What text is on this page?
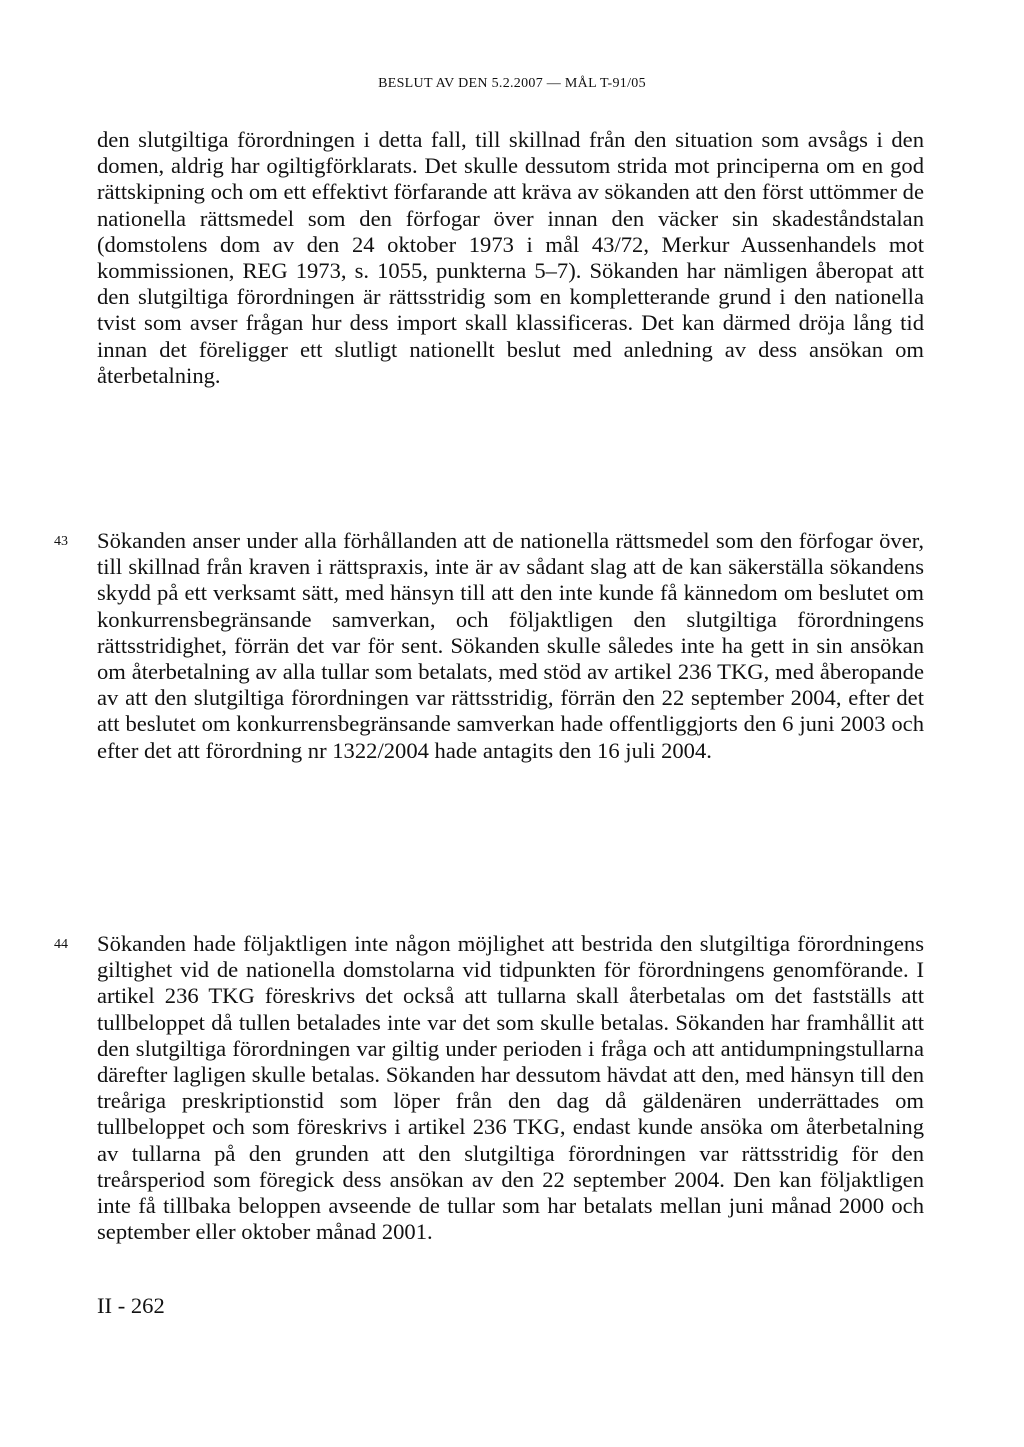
BESLUT AV DEN 5.2.2007 — MÅL T-91/05

den slutgiltiga förordningen i detta fall, till skillnad från den situation som avsågs i den domen, aldrig har ogiltigförklarats. Det skulle dessutom strida mot principerna om en god rättskipning och om ett effektivt förfarande att kräva av sökanden att den först uttömmer de nationella rättsmedel som den förfogar över innan den väcker sin skadeståndstalan (domstolens dom av den 24 oktober 1973 i mål 43/72, Merkur Aussenhandels mot kommissionen, REG 1973, s. 1055, punkterna 5–7). Sökanden har nämligen åberopat att den slutgiltiga förordningen är rättsstridig som en kompletterande grund i den nationella tvist som avser frågan hur dess import skall klassificeras. Det kan därmed dröja lång tid innan det föreligger ett slutligt nationellt beslut med anledning av dess ansökan om återbetalning.

43 Sökanden anser under alla förhållanden att de nationella rättsmedel som den förfogar över, till skillnad från kraven i rättspraxis, inte är av sådant slag att de kan säkerställa sökandens skydd på ett verksamt sätt, med hänsyn till att den inte kunde få kännedom om beslutet om konkurrensbegränsande samverkan, och följaktligen den slutgiltiga förordningens rättsstridighet, förrän det var för sent. Sökanden skulle således inte ha gett in sin ansökan om återbetalning av alla tullar som betalats, med stöd av artikel 236 TKG, med åberopande av att den slutgiltiga förordningen var rättsstridig, förrän den 22 september 2004, efter det att beslutet om konkurrensbegränsande samverkan hade offentliggjorts den 6 juni 2003 och efter det att förordning nr 1322/2004 hade antagits den 16 juli 2004.

44 Sökanden hade följaktligen inte någon möjlighet att bestrida den slutgiltiga förordningens giltighet vid de nationella domstolarna vid tidpunkten för förordningens genomförande. I artikel 236 TKG föreskrivs det också att tullarna skall återbetalas om det fastställs att tullbeloppet då tullen betalades inte var det som skulle betalas. Sökanden har framhållit att den slutgiltiga förordningen var giltig under perioden i fråga och att antidumpningstullarna därefter lagligen skulle betalas. Sökanden har dessutom hävdat att den, med hänsyn till den treåriga preskriptionstid som löper från den dag då gäldenären underrättades om tullbeloppet och som föreskrivs i artikel 236 TKG, endast kunde ansöka om återbetalning av tullarna på den grunden att den slutgiltiga förordningen var rättsstridig för den treårsperiod som föregick dess ansökan av den 22 september 2004. Den kan följaktligen inte få tillbaka beloppen avseende de tullar som har betalats mellan juni månad 2000 och september eller oktober månad 2001.

II - 262
